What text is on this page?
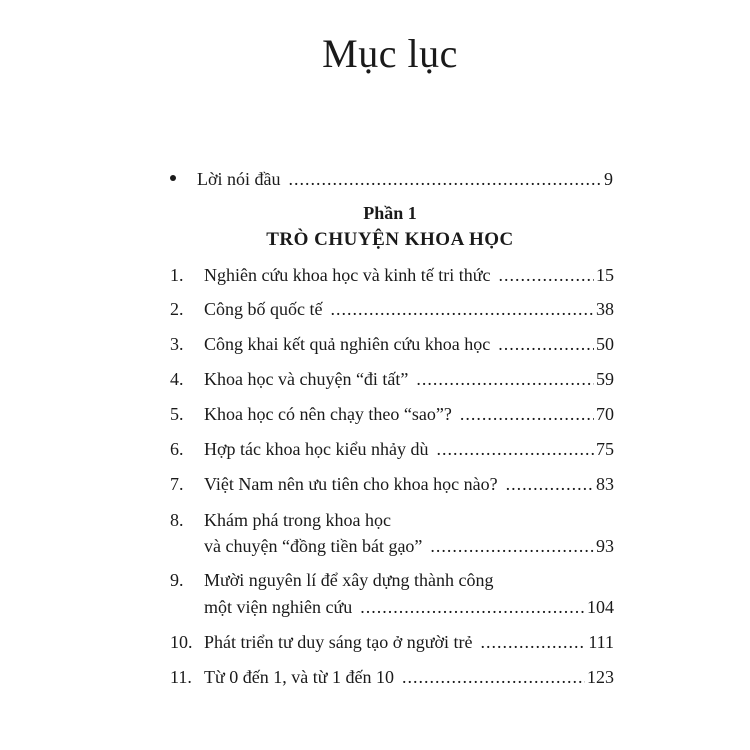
Mục lục
Lời nói đầu .....	9
Phần 1
TRÒ CHUYỆN KHOA HỌC
1.	Nghiên cứu khoa học và kinh tế tri thức .....	15
2.	Công bố quốc tế .....	38
3.	Công khai kết quả nghiên cứu khoa học .....	50
4.	Khoa học và chuyện “đi tất” .....	59
5.	Khoa học có nên chạy theo “sao”? .....	70
6.	Hợp tác khoa học kiểu nhảy dù .....	75
7.	Việt Nam nên ưu tiên cho khoa học nào? .....	83
8.	Khám phá trong khoa học
và chuyện “đồng tiền bát gạo” .....	93
9.	Mười nguyên lí để xây dựng thành công
một viện nghiên cứu .....	104
10. Phát triển tư duy sáng tạo ở người trẻ .....	111
11. Từ 0 đến 1, và từ 1 đến 10 .....	123
